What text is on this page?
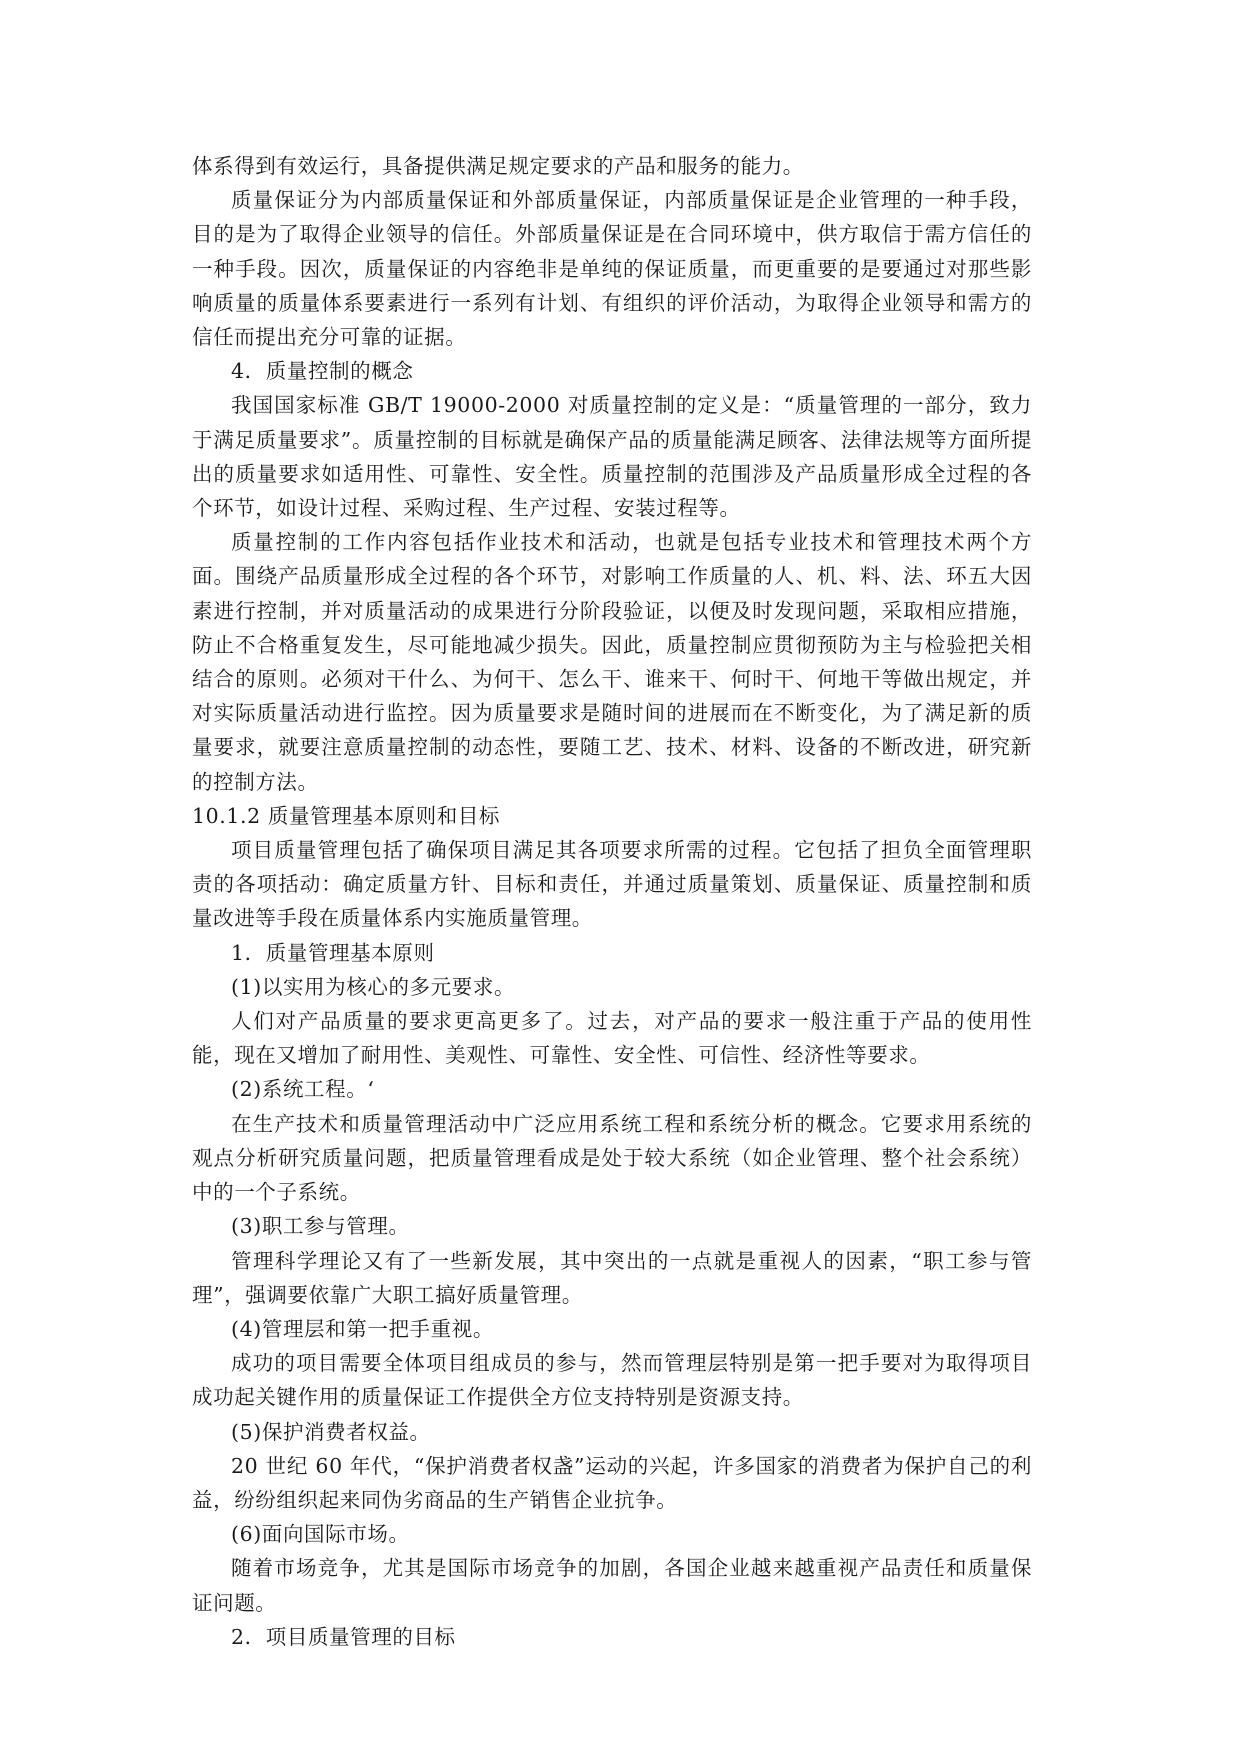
体系得到有效运行，具备提供满足规定要求的产品和服务的能力。

质量保证分为内部质量保证和外部质量保证，内部质量保证是企业管理的一种手段，目的是为了取得企业领导的信任。外部质量保证是在合同环境中，供方取信于需方信任的一种手段。因次，质量保证的内容绝非是单纯的保证质量，而更重要的是要通过对那些影响质量的质量体系要素进行一系列有计划、有组织的评价活动，为取得企业领导和需方的信任而提出充分可靠的证据。

4．质量控制的概念

我国国家标准 GB/T 19000-2000 对质量控制的定义是：“质量管理的一部分，致力于满足质量要求”。质量控制的目标就是确保产品的质量能满足顾客、法律法规等方面所提出的质量要求如适用性、可靠性、安全性。质量控制的范围涉及产品质量形成全过程的各个环节，如设计过程、采购过程、生产过程、安装过程等。

质量控制的工作内容包括作业技术和活动，也就是包括专业技术和管理技术两个方面。围绕产品质量形成全过程的各个环节，对影响工作质量的人、机、料、法、环五大因素进行控制，并对质量活动的成果进行分阶段验证，以便及时发现问题，采取相应措施，防止不合格重复发生，尽可能地减少损失。因此，质量控制应贯彻预防为主与检验把关相结合的原则。必须对干什么、为何干、怎么干、谁来干、何时干、何地干等做出规定，并对实际质量活动进行监控。因为质量要求是随时间的进展而在不断变化，为了满足新的质量要求，就要注意质量控制的动态性，要随工艺、技术、材料、设备的不断改进，研究新的控制方法。

10.1.2 质量管理基本原则和目标

项目质量管理包括了确保项目满足其各项要求所需的过程。它包括了担负全面管理职责的各项括动：确定质量方针、目标和责任，并通过质量策划、质量保证、质量控制和质量改进等手段在质量体系内实施质量管理。

1．质量管理基本原则

(1)以实用为核心的多元要求。

人们对产品质量的要求更高更多了。过去，对产品的要求一般注重于产品的使用性能，现在又增加了耐用性、美观性、可靠性、安全性、可信性、经济性等要求。

(2)系统工程。‘

在生产技术和质量管理活动中广泛应用系统工程和系统分析的概念。它要求用系统的观点分析研究质量问题，把质量管理看成是处于较大系统（如企业管理、整个社会系统）中的一个子系统。

(3)职工参与管理。

管理科学理论又有了一些新发展，其中突出的一点就是重视人的因素，“职工参与管理”，强调要依靠广大职工搞好质量管理。

(4)管理层和第一把手重视。

成功的项目需要全体项目组成员的参与，然而管理层特别是第一把手要对为取得项目成功起关键作用的质量保证工作提供全方位支持特别是资源支持。

(5)保护消费者权益。

20 世纪 60 年代，“保护消费者权盏”运动的兴起，许多国家的消费者为保护自己的利益，纷纷组织起来同伪劣商品的生产销售企业抗争。

(6)面向国际市场。

随着市场竞争，尤其是国际市场竞争的加剧，各国企业越来越重视产品责任和质量保证问题。

2．项目质量管理的目标
